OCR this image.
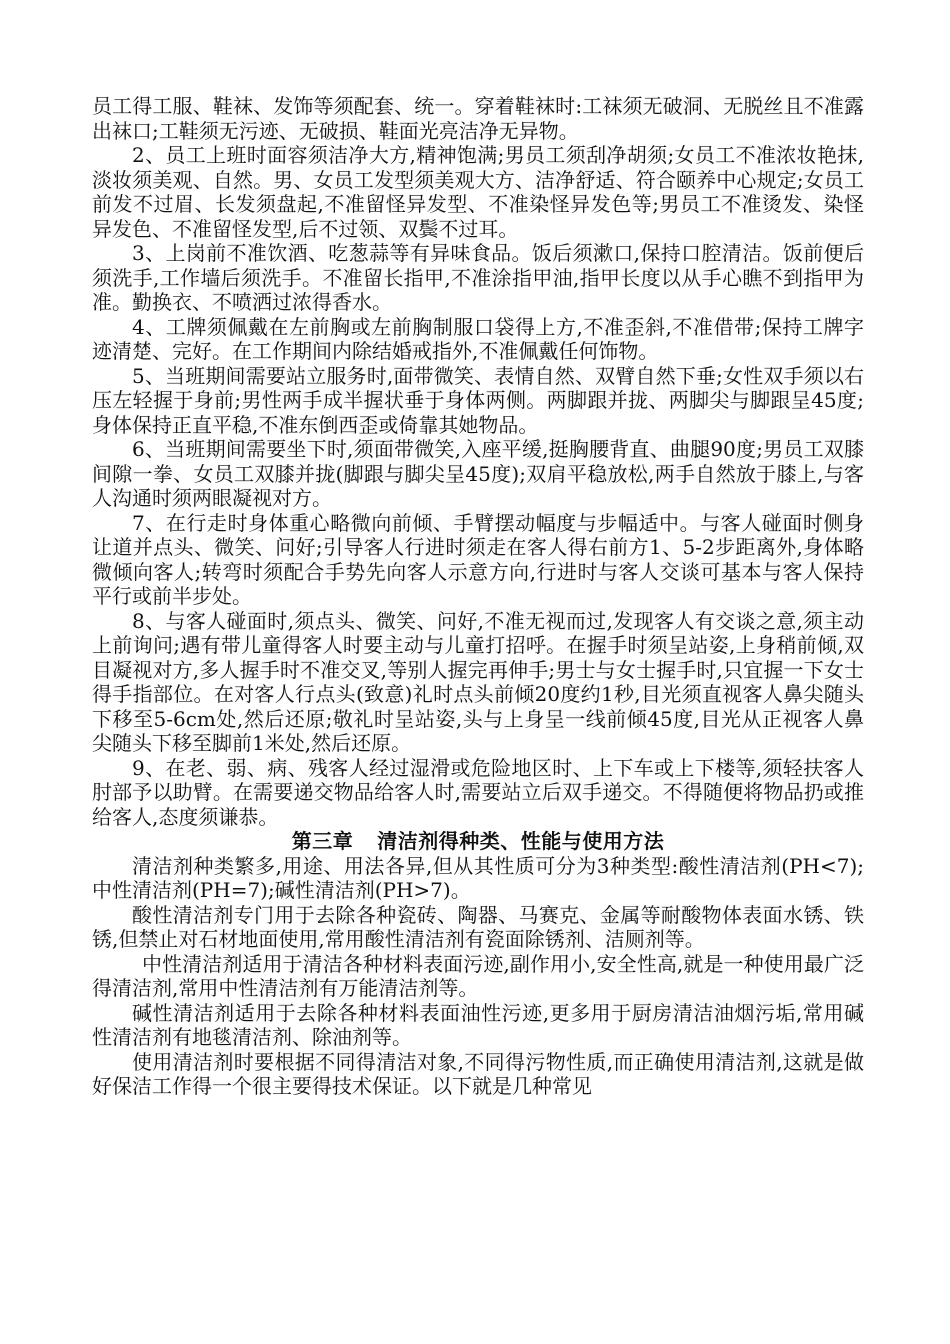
员工得工服、鞋袜、发饰等须配套、统一。穿着鞋袜时:工袜须无破洞、无脱丝且不准露出袜口;工鞋须无污迹、无破损、鞋面光亮洁净无异物。

2、员工上班时面容须洁净大方,精神饱满;男员工须刮净胡须;女员工不准浓妆艳抹,淡妆须美观、自然。男、女员工发型须美观大方、洁净舒适、符合颐养中心规定;女员工前发不过眉、长发须盘起,不准留怪异发型、不准染怪异发色等;男员工不准烫发、染怪异发色、不准留怪发型,后不过领、双鬓不过耳。

3、上岗前不准饮酒、吃葱蒜等有异味食品。饭后须漱口,保持口腔清洁。饭前便后须洗手,工作墙后须洗手。不准留长指甲,不准涂指甲油,指甲长度以从手心瞧不到指甲为准。勤换衣、不喷洒过浓得香水。

4、工牌须佩戴在左前胸或左前胸制服口袋得上方,不准歪斜,不准借带;保持工牌字迹清楚、完好。在工作期间内除结婚戒指外,不准佩戴任何饰物。

5、当班期间需要站立服务时,面带微笑、表情自然、双臂自然下垂;女性双手须以右压左轻握于身前;男性两手成半握状垂于身体两侧。两脚跟并拢、两脚尖与脚跟呈45度;身体保持正直平稳,不准东倒西歪或倚靠其她物品。

6、当班期间需要坐下时,须面带微笑,入座平缓,挺胸腰背直、曲腿90度;男员工双膝间隙一拳、女员工双膝并拢(脚跟与脚尖呈45度);双肩平稳放松,两手自然放于膝上,与客人沟通时须两眼凝视对方。

7、在行走时身体重心略微向前倾、手臂摆动幅度与步幅适中。与客人碰面时侧身让道并点头、微笑、问好;引导客人行进时须走在客人得右前方1、5-2步距离外,身体略微倾向客人;转弯时须配合手势先向客人示意方向,行进时与客人交谈可基本与客人保持平行或前半步处。

8、与客人碰面时,须点头、微笑、问好,不准无视而过,发现客人有交谈之意,须主动上前询问;遇有带儿童得客人时要主动与儿童打招呼。在握手时须呈站姿,上身稍前倾,双目凝视对方,多人握手时不准交叉,等别人握完再伸手;男士与女士握手时,只宜握一下女士得手指部位。在对客人行点头(致意)礼时点头前倾20度约1秒,目光须直视客人鼻尖随头下移至5-6cm处,然后还原;敬礼时呈站姿,头与上身呈一线前倾45度,目光从正视客人鼻尖随头下移至脚前1米处,然后还原。

9、在老、弱、病、残客人经过湿滑或危险地区时、上下车或上下楼等,须轻扶客人肘部予以助臂。在需要递交物品给客人时,需要站立后双手递交。不得随便将物品扔或推给客人,态度须谦恭。

第三章 清洁剂得种类、性能与使用方法

清洁剂种类繁多,用途、用法各异,但从其性质可分为3种类型:酸性清洁剂(PH<7);中性清洁剂(PH=7);碱性清洁剂(PH>7)。

酸性清洁剂专门用于去除各种瓷砖、陶器、马赛克、金属等耐酸物体表面水锈、铁锈,但禁止对石材地面使用,常用酸性清洁剂有瓷面除锈剂、洁厕剂等。

中性清洁剂适用于清洁各种材料表面污迹,副作用小,安全性高,就是一种使用最广泛得清洁剂,常用中性清洁剂有万能清洁剂等。

碱性清洁剂适用于去除各种材料表面油性污迹,更多用于厨房清洁油烟污垢,常用碱性清洁剂有地毯清洁剂、除油剂等。

使用清洁剂时要根据不同得清洁对象,不同得污物性质,而正确使用清洁剂,这就是做好保洁工作得一个很主要得技术保证。以下就是几种常见
